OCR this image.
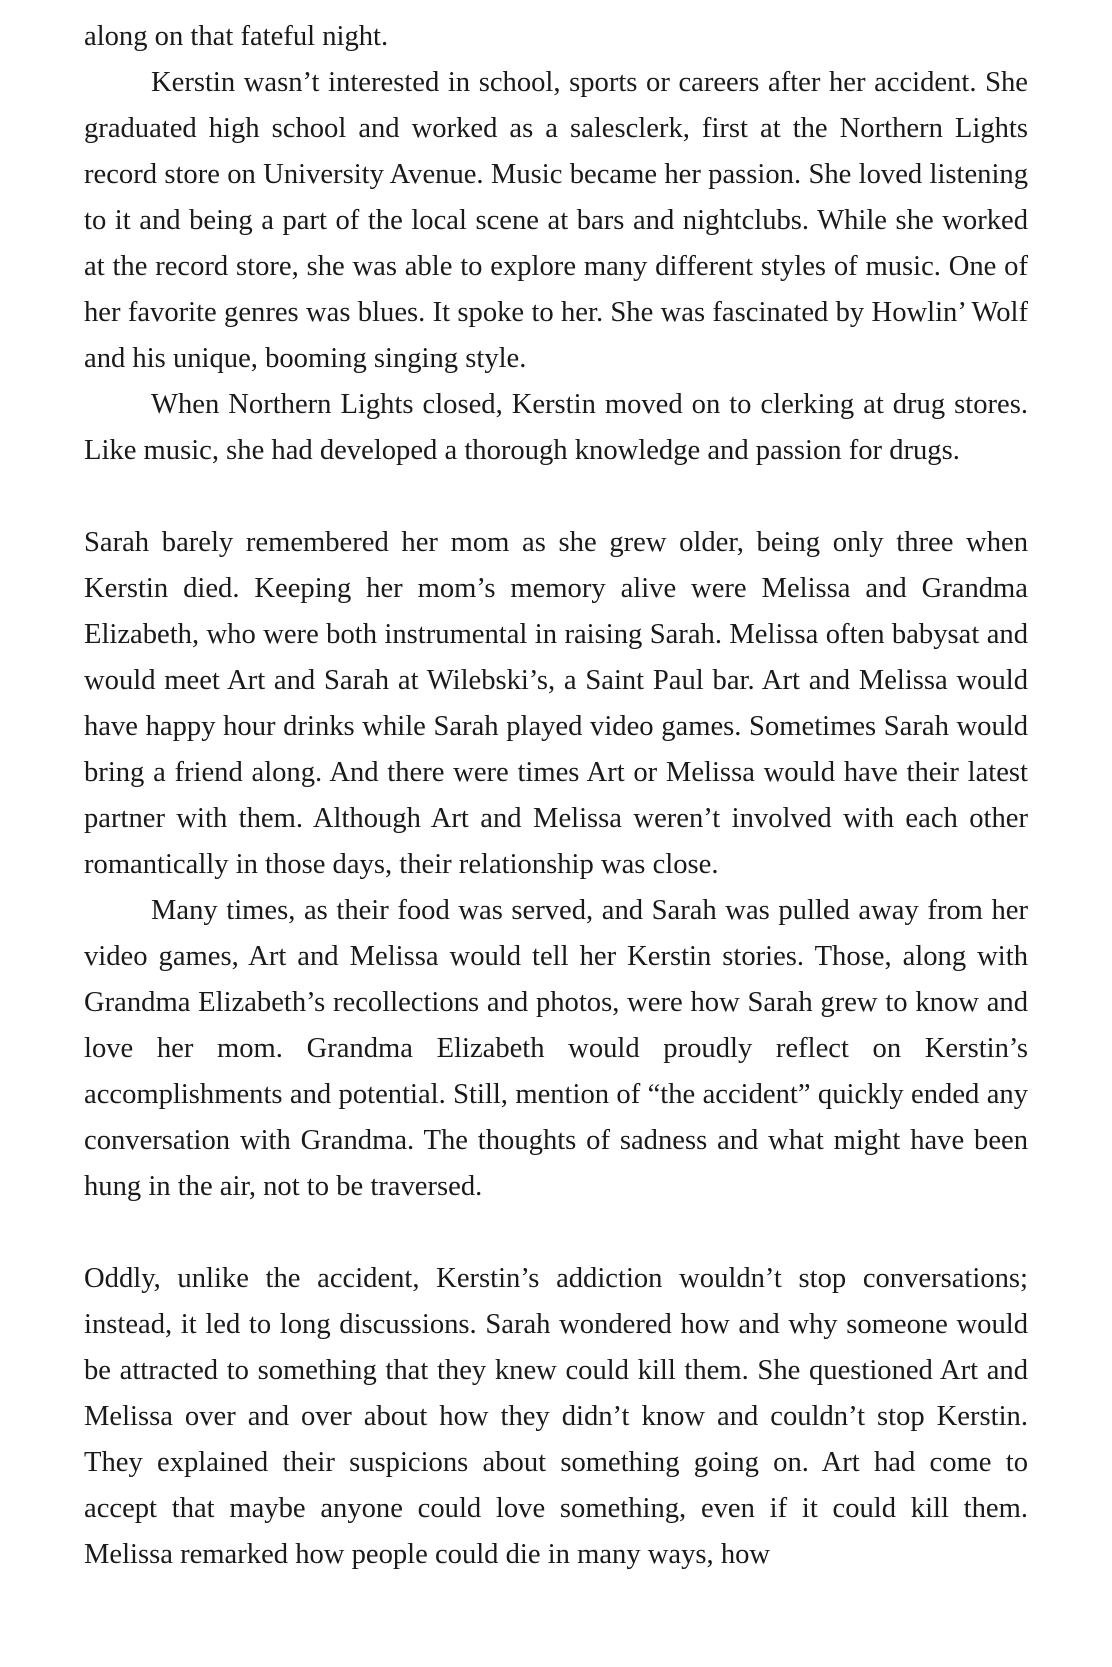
along on that fateful night.

Kerstin wasn’t interested in school, sports or careers after her accident. She graduated high school and worked as a salesclerk, first at the Northern Lights record store on University Avenue. Music became her passion. She loved listening to it and being a part of the local scene at bars and nightclubs. While she worked at the record store, she was able to explore many different styles of music. One of her favorite genres was blues. It spoke to her. She was fascinated by Howlin’ Wolf and his unique, booming singing style.

When Northern Lights closed, Kerstin moved on to clerking at drug stores. Like music, she had developed a thorough knowledge and passion for drugs.

Sarah barely remembered her mom as she grew older, being only three when Kerstin died. Keeping her mom’s memory alive were Melissa and Grandma Elizabeth, who were both instrumental in raising Sarah. Melissa often babysat and would meet Art and Sarah at Wilebski’s, a Saint Paul bar. Art and Melissa would have happy hour drinks while Sarah played video games. Sometimes Sarah would bring a friend along. And there were times Art or Melissa would have their latest partner with them. Although Art and Melissa weren’t involved with each other romantically in those days, their relationship was close.

Many times, as their food was served, and Sarah was pulled away from her video games, Art and Melissa would tell her Kerstin stories. Those, along with Grandma Elizabeth’s recollections and photos, were how Sarah grew to know and love her mom. Grandma Elizabeth would proudly reflect on Kerstin’s accomplishments and potential. Still, mention of “the accident” quickly ended any conversation with Grandma. The thoughts of sadness and what might have been hung in the air, not to be traversed.

Oddly, unlike the accident, Kerstin’s addiction wouldn’t stop conversations; instead, it led to long discussions. Sarah wondered how and why someone would be attracted to something that they knew could kill them. She questioned Art and Melissa over and over about how they didn’t know and couldn’t stop Kerstin. They explained their suspicions about something going on. Art had come to accept that maybe anyone could love something, even if it could kill them. Melissa remarked how people could die in many ways, how
